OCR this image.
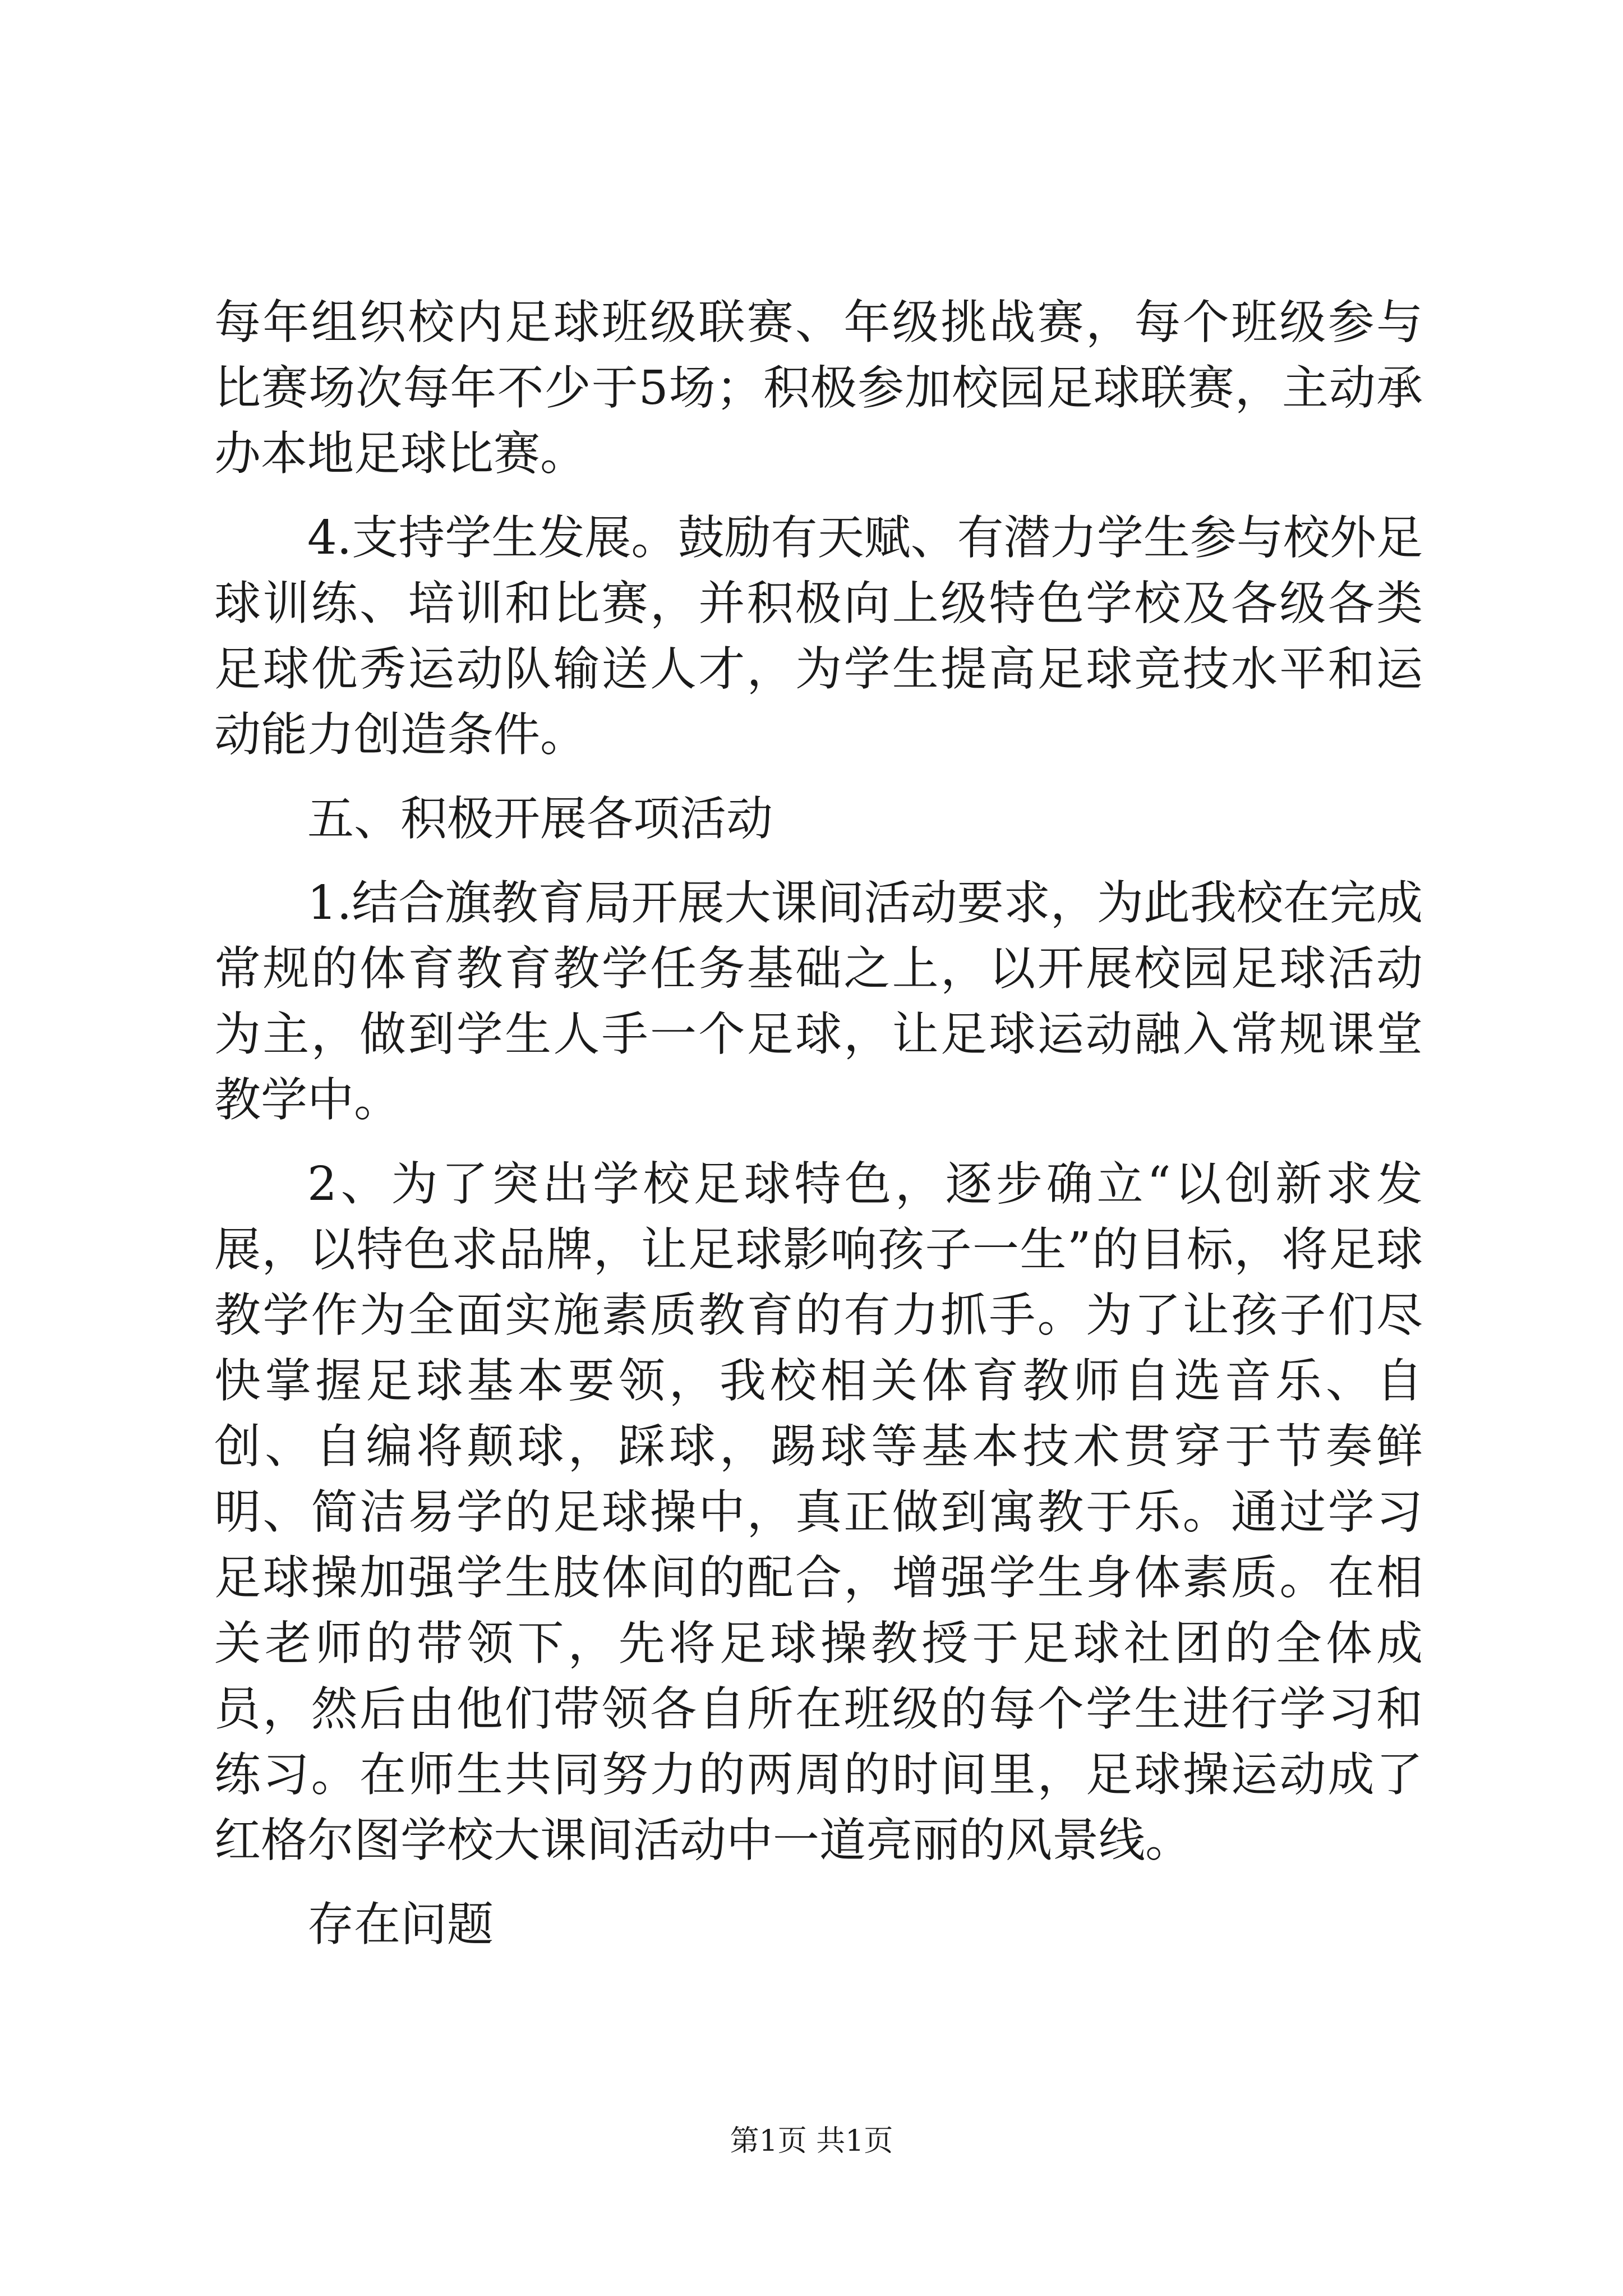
每年组织校内足球班级联赛、年级挑战赛，每个班级参与比赛场次每年不少于5场；积极参加校园足球联赛，主动承办本地足球比赛。

4.支持学生发展。鼓励有天赋、有潜力学生参与校外足球训练、培训和比赛，并积极向上级特色学校及各级各类足球优秀运动队输送人才，为学生提高足球竞技水平和运动能力创造条件。

五、积极开展各项活动

1.结合旗教育局开展大课间活动要求，为此我校在完成常规的体育教育教学任务基础之上，以开展校园足球活动为主，做到学生人手一个足球，让足球运动融入常规课堂教学中。

2、为了突出学校足球特色，逐步确立“以创新求发展，以特色求品牌，让足球影响孩子一生”的目标，将足球教学作为全面实施素质教育的有力抓手。为了让孩子们尽快掌握足球基本要领，我校相关体育教师自选音乐、自创、自编将颠球，踩球，踢球等基本技术贯穿于节奏鲜明、简洁易学的足球操中，真正做到寓教于乐。通过学习足球操加强学生肢体间的配合，增强学生身体素质。在相关老师的带领下，先将足球操教授于足球社团的全体成员，然后由他们带领各自所在班级的每个学生进行学习和练习。在师生共同努力的两周的时间里，足球操运动成了红格尔图学校大课间活动中一道亮丽的风景线。

存在问题

第1页 共1页
